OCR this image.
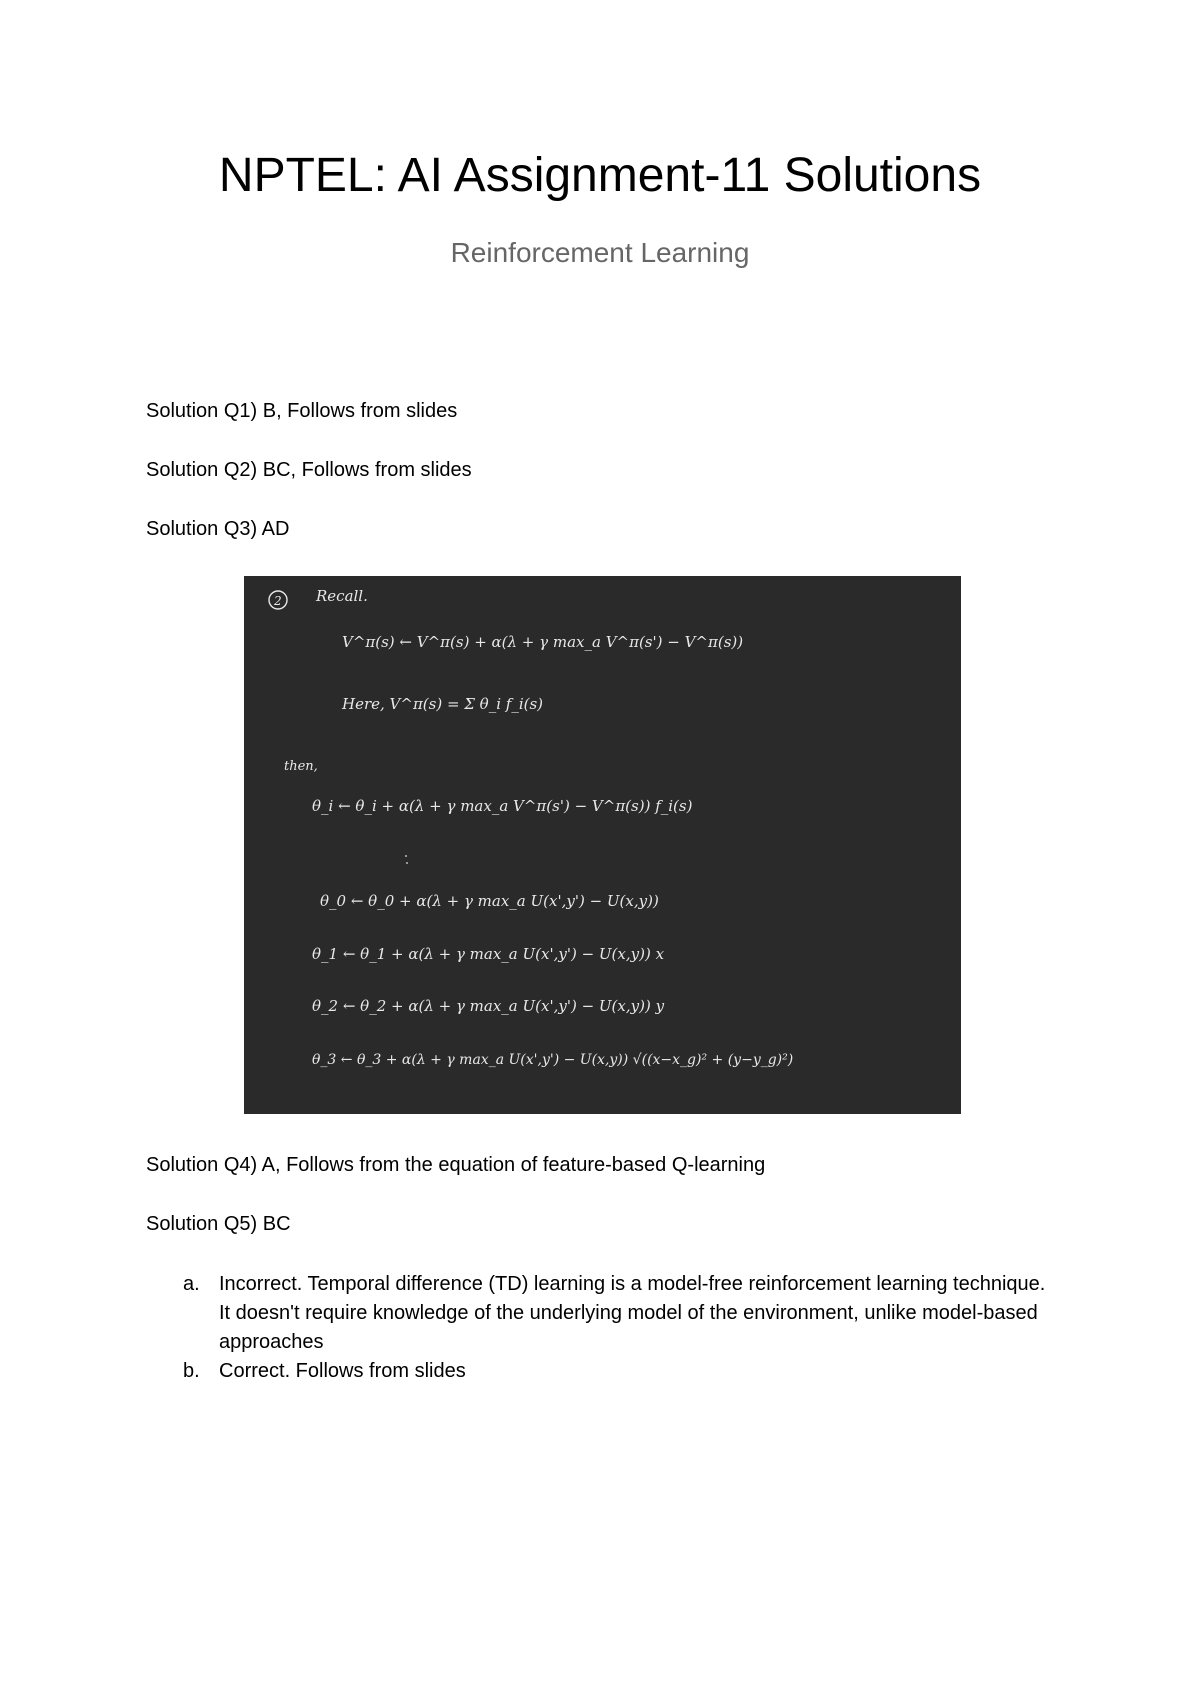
NPTEL: AI Assignment-11 Solutions
Reinforcement Learning
Solution Q1) B, Follows from slides
Solution Q2) BC, Follows from slides
Solution Q3) AD
2 Recall.
V^π(s) ← V^π(s) + α(λ + γ max_a V^π(s') − V^π(s))
Here, V^π(s) = Σ θ_i f_i(s)
then,
θ_i ← θ_i + α(λ + γ max_a V^π(s') − V^π(s)) f_i(s)
θ_0 ← θ_0 + α(λ + γ max_a U(x',y') − U(x,y))
θ_1 ← θ_1 + α(λ + γ max_a U(x',y') − U(x,y)) x
θ_2 ← θ_2 + α(λ + γ max_a U(x',y') − U(x,y)) y
θ_3 ← θ_3 + α(λ + γ max_a U(x',y') − U(x,y)) √((x−x_g)² + (y−y_g)²)
Solution Q4) A, Follows from the equation of feature-based Q-learning
Solution Q5) BC
a. Incorrect. Temporal difference (TD) learning is a model-free reinforcement learning technique. It doesn't require knowledge of the underlying model of the environment, unlike model-based approaches
b. Correct. Follows from slides
